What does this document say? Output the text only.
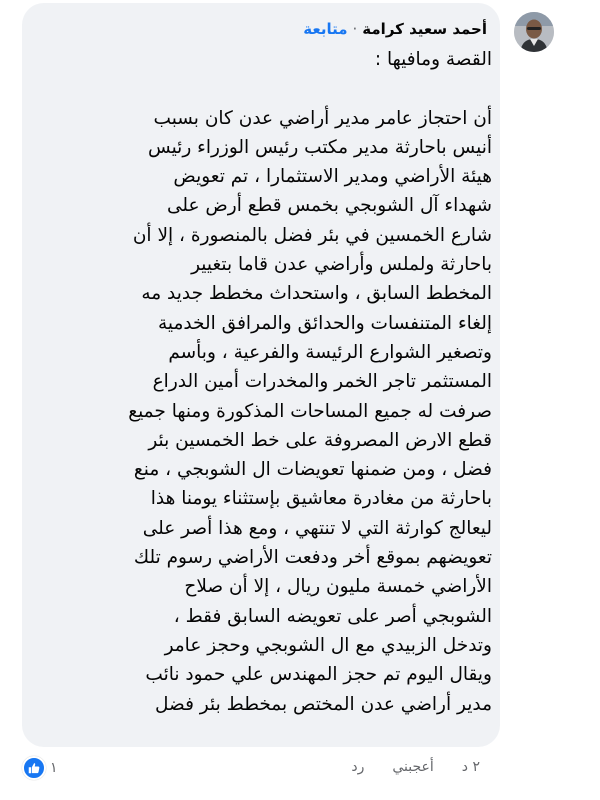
أحمد سعيد كرامة·متابعة
القصة ومافيها :
أن احتجاز عامر مدير أراضي عدن كان بسبب
أنيس باحارثة مدير مكتب رئيس الوزراء رئيس
هيئة الأراضي ومدير الاستثمارا ، تم تعويض
شهداء آل الشوبجي بخمس قطع أرض على
شارع الخمسين في بئر فضل بالمنصورة ، إلا أن
باحارثة ولملس وأراضي عدن قاما بتغيير
المخطط السابق ، واستحداث مخطط جديد مه
إلغاء المتنفسات والحدائق والمرافق الخدمية
وتصغير الشوارع الرئيسة والفرعية ، وبأسم
المستثمر تاجر الخمر والمخدرات أمين الدراع
صرفت له جميع المساحات المذكورة ومنها جميع
قطع الارض المصروفة على خط الخمسين بئر
فضل ، ومن ضمنها تعويضات ال الشوبجي ، منع
باحارثة من مغادرة معاشيق بإستثناء يومنا هذا
ليعالج كوارثة التي لا تنتهي ، ومع هذا أصر على
تعويضهم بموقع أخر ودفعت الأراضي رسوم تلك
الأراضي خمسة مليون ريال ، إلا أن صلاح
الشوبجي أصر على تعويضه السابق فقط ،
وتدخل الزبيدي مع ال الشوبجي وحجز عامر
ويقال اليوم تم حجز المهندس علي حمود نائب
مدير أراضي عدن المختص بمخطط بئر فضل
٢ د
أعجبني
رد
١
